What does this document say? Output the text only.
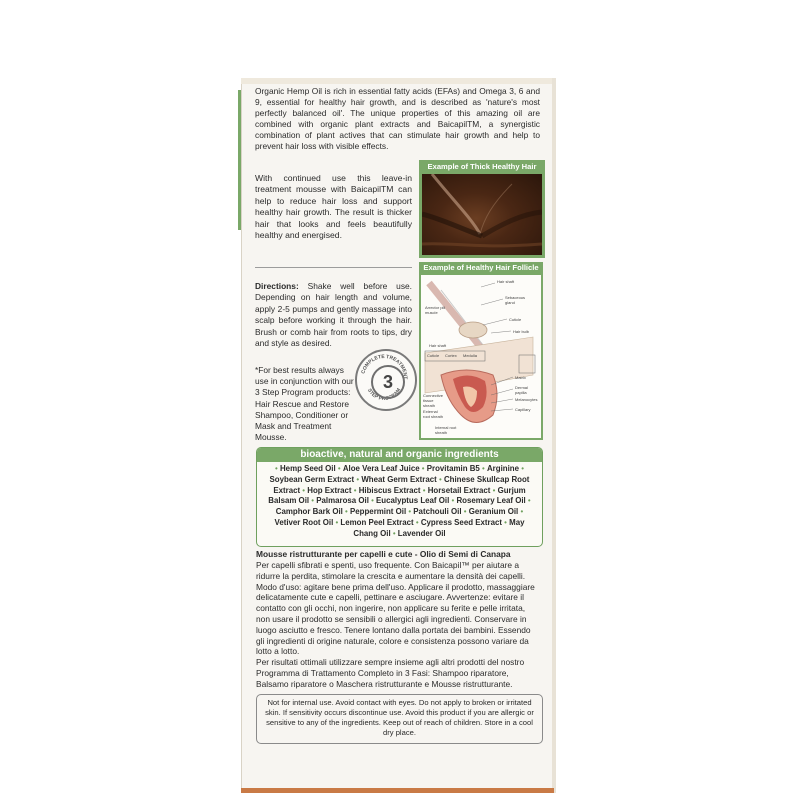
Organic Hemp Oil is rich in essential fatty acids (EFAs) and Omega 3, 6 and 9, essential for healthy hair growth, and is described as 'nature's most perfectly balanced oil'. The unique properties of this amazing oil are combined with organic plant extracts and BaicapilTM, a synergistic combination of plant actives that can stimulate hair growth and help to prevent hair loss with visible effects.
With continued use this leave-in treatment mousse with BaicapilTM can help to reduce hair loss and support healthy hair growth. The result is thicker hair that looks and feels beautifully healthy and energised.
Directions: Shake well before use. Depending on hair length and volume, apply 2-5 pumps and gently massage into scalp before working it through the hair. Brush or comb hair from roots to tips, dry and style as desired.
*For best results always use in conjunction with our 3 Step Program products: Hair Rescue and Restore Shampoo, Conditioner or Mask and Treatment Mousse.
COMPLETE TREATMENT
STEP PROGRAM
3
Example of Thick Healthy Hair
Example of Healthy Hair Follicle
Hair shaft
Sebaceous gland
Arrector pili muscle
Cuticle
Hair bulb
Hair shaft
Cuticle Cortex Medulla
Matrix
Dermal papilla
Melanocytes
Capillary
Connective tissue sheath
External root sheath
Internal root sheath
bioactive, natural and organic ingredients
• Hemp Seed Oil • Aloe Vera Leaf Juice • Provitamin B5 • Arginine • Soybean Germ Extract • Wheat Germ Extract • Chinese Skullcap Root Extract • Hop Extract • Hibiscus Extract • Horsetail Extract • Gurjum Balsam Oil • Palmarosa Oil • Eucalyptus Leaf Oil • Rosemary Leaf Oil • Camphor Bark Oil • Peppermint Oil • Patchouli Oil • Geranium Oil • Vetiver Root Oil • Lemon Peel Extract • Cypress Seed Extract • May Chang Oil • Lavender Oil
Mousse ristrutturante per capelli e cute - Olio di Semi di Canapa
Per capelli sfibrati e spenti, uso frequente. Con Baicapil™ per aiutare a ridurre la perdita, stimolare la crescita e aumentare la densità dei capelli. Modo d'uso: agitare bene prima dell'uso. Applicare il prodotto, massaggiare delicatamente cute e capelli, pettinare e asciugare. Avvertenze: evitare il contatto con gli occhi, non ingerire, non applicare su ferite e pelle irritata, non usare il prodotto se sensibili o allergici agli ingredienti. Conservare in luogo asciutto e fresco. Tenere lontano dalla portata dei bambini. Essendo gli ingredienti di origine naturale, colore e consistenza possono variare da lotto a lotto.
Per risultati ottimali utilizzare sempre insieme agli altri prodotti del nostro Programma di Trattamento Completo in 3 Fasi: Shampoo riparatore, Balsamo riparatore o Maschera ristrutturante e Mousse ristrutturante.
Not for internal use. Avoid contact with eyes. Do not apply to broken or irritated skin. If sensitivity occurs discontinue use. Avoid this product if you are allergic or sensitive to any of the ingredients. Keep out of reach of children. Store in a cool dry place.
